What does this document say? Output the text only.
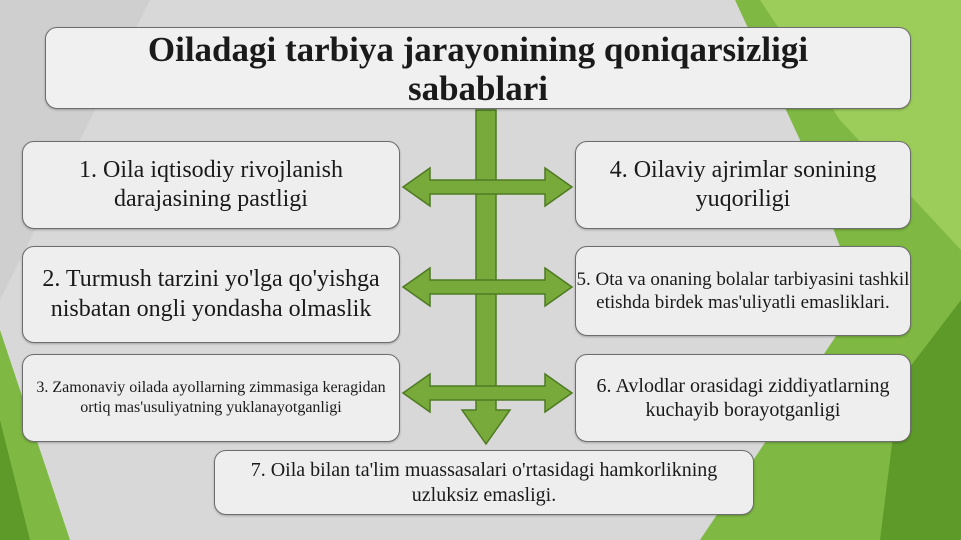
Oiladagi tarbiya jarayonining qoniqarsizligi
sabablari
1. Oila iqtisodiy rivojlanish darajasining pastligi
2. Turmush tarzini yo'lga qo'yishga nisbatan ongli yondasha olmaslik
3. Zamonaviy oilada ayollarning zimmasiga keragidan ortiq mas'usuliyatning yuklanayotganligi
4. Oilaviy ajrimlar sonining yuqoriligi
5. Ota va onaning bolalar tarbiyasini tashkil etishda birdek mas'uliyatli emasliklari.
6. Avlodlar orasidagi ziddiyatlarning kuchayib borayotganligi
7. Oila bilan ta'lim muassasalari o'rtasidagi hamkorlikning uzluksiz emasligi.
